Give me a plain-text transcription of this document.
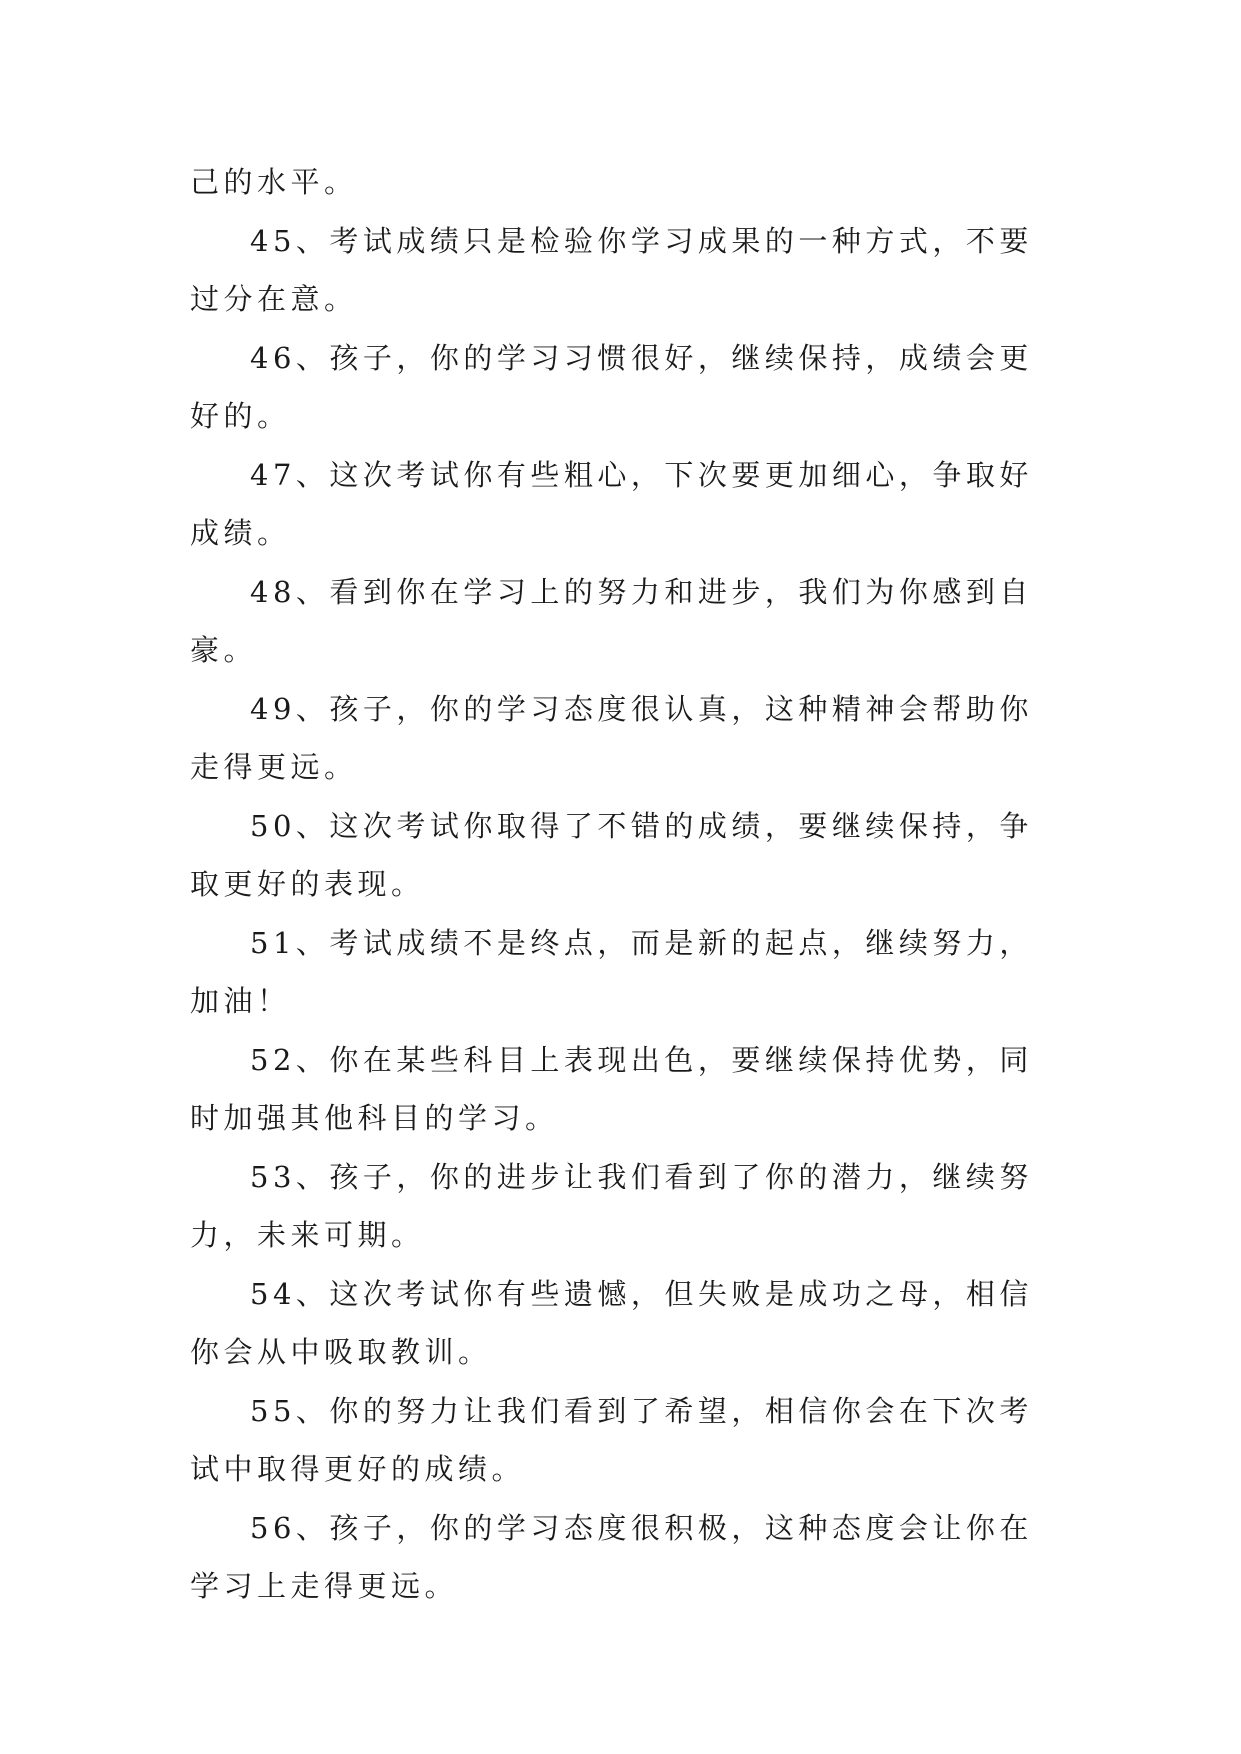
己的水平。

45、考试成绩只是检验你学习成果的一种方式，不要过分在意。

46、孩子，你的学习习惯很好，继续保持，成绩会更好的。

47、这次考试你有些粗心，下次要更加细心，争取好成绩。

48、看到你在学习上的努力和进步，我们为你感到自豪。

49、孩子，你的学习态度很认真，这种精神会帮助你走得更远。

50、这次考试你取得了不错的成绩，要继续保持，争取更好的表现。

51、考试成绩不是终点，而是新的起点，继续努力，加油！

52、你在某些科目上表现出色，要继续保持优势，同时加强其他科目的学习。

53、孩子，你的进步让我们看到了你的潜力，继续努力，未来可期。

54、这次考试你有些遗憾，但失败是成功之母，相信你会从中吸取教训。

55、你的努力让我们看到了希望，相信你会在下次考试中取得更好的成绩。

56、孩子，你的学习态度很积极，这种态度会让你在学习上走得更远。
